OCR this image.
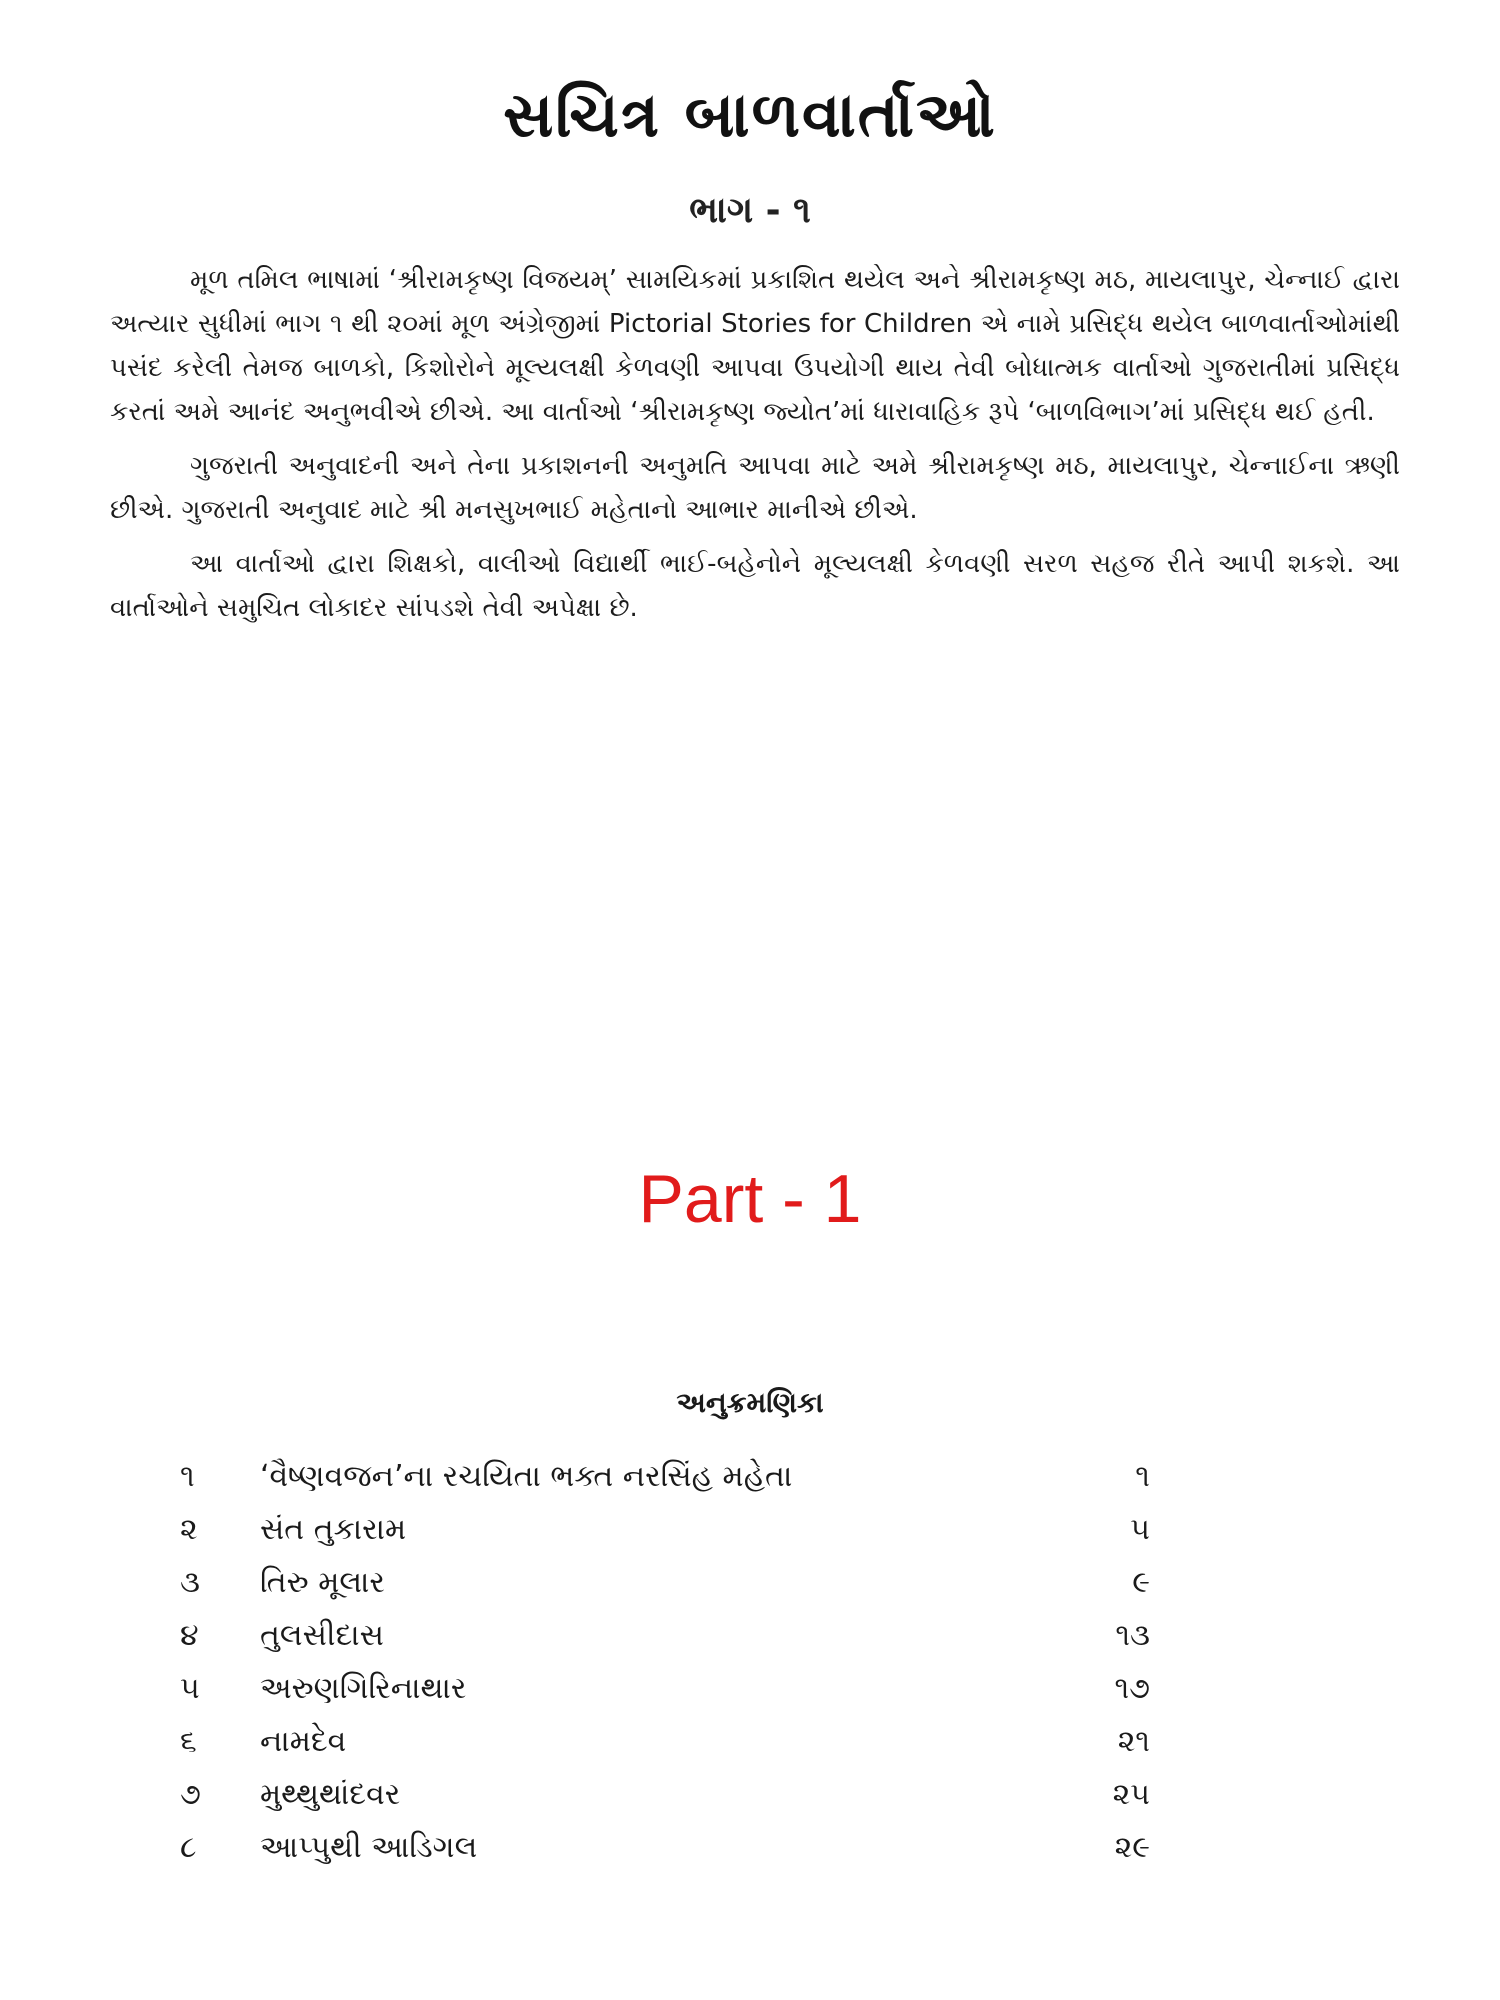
સચિત્ર બાળવાર્તાઓ
ભાગ - ૧

મૂળ તમિલ ભાષામાં ‘શ્રીરામકૃષ્ણ વિજયમ્’ સામયિકમાં પ્રકાશિત થયેલ અને શ્રીરામકૃષ્ણ મઠ, માયલાપુર, ચેન્નાઈ દ્વારા અત્યાર સુધીમાં ભાગ ૧ થી ૨૦માં મૂળ અંગ્રેજીમાં Pictorial Stories for Children એ નામે પ્રસિદ્ધ થયેલ બાળવાર્તાઓમાંથી પસંદ કરેલી તેમજ બાળકો, કિશોરોને મૂલ્યલક્ષી કેળવણી આપવા ઉપયોગી થાય તેવી બોધાત્મક વાર્તાઓ ગુજરાતીમાં પ્રસિદ્ધ કરતાં અમે આનંદ અનુભવીએ છીએ. આ વાર્તાઓ ‘શ્રીરામકૃષ્ણ જ્યોત’માં ધારાવાહિક રૂપે ‘બાળવિભાગ’માં પ્રસિદ્ધ થઈ હતી.

ગુજરાતી અનુવાદની અને તેના પ્રકાશનની અનુમતિ આપવા માટે અમે શ્રીરામકૃષ્ણ મઠ, માયલાપુર, ચેન્નાઈના ઋણી છીએ. ગુજરાતી અનુવાદ માટે શ્રી મનસુખભાઈ મહેતાનો આભાર માનીએ છીએ.

આ વાર્તાઓ દ્વારા શિક્ષકો, વાલીઓ વિદ્યાર્થી ભાઈ-બહેનોને મૂલ્યલક્ષી કેળવણી સરળ સહજ રીતે આપી શકશે. આ વાર્તાઓને સમુચિત લોકાદર સાંપડશે તેવી અપેક્ષા છે.

Part - 1
અનુક્રમણિકા
૧	‘વૈષ્ણવજન’ના રચયિતા ભક્ત નરસિંહ મહેતા	૧
૨	સંત તુકારામ	૫
૩	તિરુ મૂલાર	૯
૪	તુલસીદાસ	૧૩
૫	અરુણગિરિનાથાર	૧૭
૬	નામદેવ	૨૧
૭	મુથ્થુથાંદવર	૨૫
૮	આપ્પુથી આડિગલ	૨૯
